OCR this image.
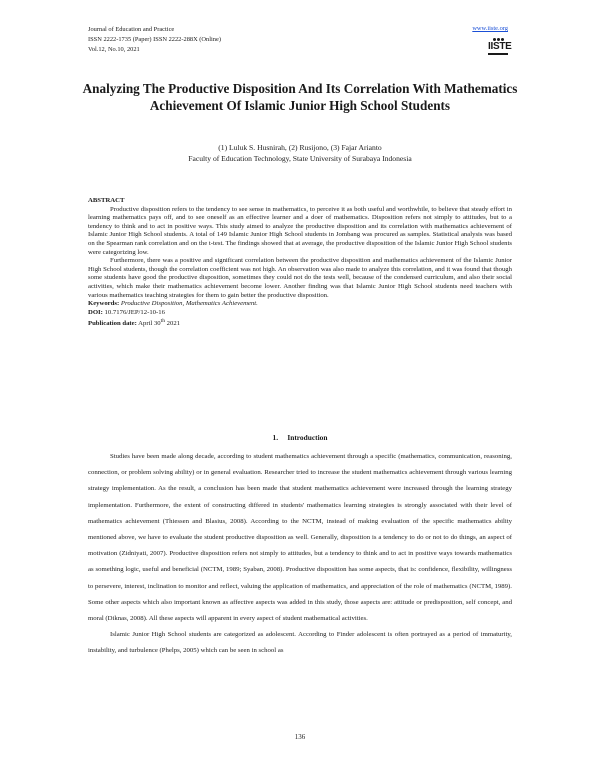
Journal of Education and Practice
ISSN 2222-1735 (Paper) ISSN 2222-288X (Online)
Vol.12, No.10, 2021
www.iiste.org
IISTE
Analyzing The Productive Disposition And Its Correlation With Mathematics Achievement Of Islamic Junior High School Students
(1) Luluk S. Husnirah, (2) Rusijono, (3) Fajar Arianto
Faculty of Education Technology, State University of Surabaya Indonesia

ABSTRACT

Productive disposition refers to the tendency to see sense in mathematics, to perceive it as both useful and worthwhile, to believe that steady effort in learning mathematics pays off, and to see oneself as an effective learner and a doer of mathematics. Disposition refers not simply to attitudes, but to a tendency to think and to act in positive ways. This study aimed to analyze the productive disposition and its correlation with mathematics achievement of Islamic Junior High School students. A total of 149 Islamic Junior High School students in Jombang was procured as samples. Statistical analysis was based on the Spearman rank correlation and on the t-test. The findings showed that at average, the productive disposition of the Islamic Junior High School students were categorizing low.

Furthermore, there was a positive and significant correlation between the productive disposition and mathematics achievement of the Islamic Junior High School students, though the correlation coefficient was not high. An observation was also made to analyze this correlation, and it was found that though some students have good the productive disposition, sometimes they could not do the tests well, because of the condensed curriculum, and also their social activities, which make their mathematics achievement become lower. Another finding was that Islamic Junior High School students need teachers with various mathematics teaching strategies for them to gain better the productive disposition.

Keywords: Productive Disposition, Mathematics Achievement.

DOI: 10.7176/JEP/12-10-16

Publication date: April 30th 2021

1. Introduction

Studies have been made along decade, according to student mathematics achievement through a specific (mathematics, communication, reasoning, connection, or problem solving ability) or in general evaluation. Researcher tried to increase the student mathematics achievement through various learning strategy implementation. As the result, a conclusion has been made that student mathematics achievement were increased through the learning strategy implementation. Furthermore, the extent of constructing differed in students' mathematics learning strategies is strongly associated with their level of mathematics achievement (Thiessen and Blasius, 2008). According to the NCTM, instead of making evaluation of the specific mathematics ability mentioned above, we have to evaluate the student productive disposition as well. Generally, disposition is a tendency to do or not to do things, an aspect of motivation (Zidniyati, 2007). Productive disposition refers not simply to attitudes, but a tendency to think and to act in positive ways towards mathematics as something logic, useful and beneficial (NCTM, 1989; Syaban, 2008). Productive disposition has some aspects, that is: confidence, flexibility, willingness to persevere, interest, inclination to monitor and reflect, valuing the application of mathematics, and appreciation of the role of mathematics (NCTM, 1989). Some other aspects which also important known as affective aspects was added in this study, those aspects are: attitude or predisposition, self concept, and moral (Diknas, 2008). All these aspects will apparent in every aspect of student mathematical activities.

Islamic Junior High School students are categorized as adolescent. According to Finder adolescent is often portrayed as a period of immaturity, instability, and turbulence (Phelps, 2005) which can be seen in school as

136
